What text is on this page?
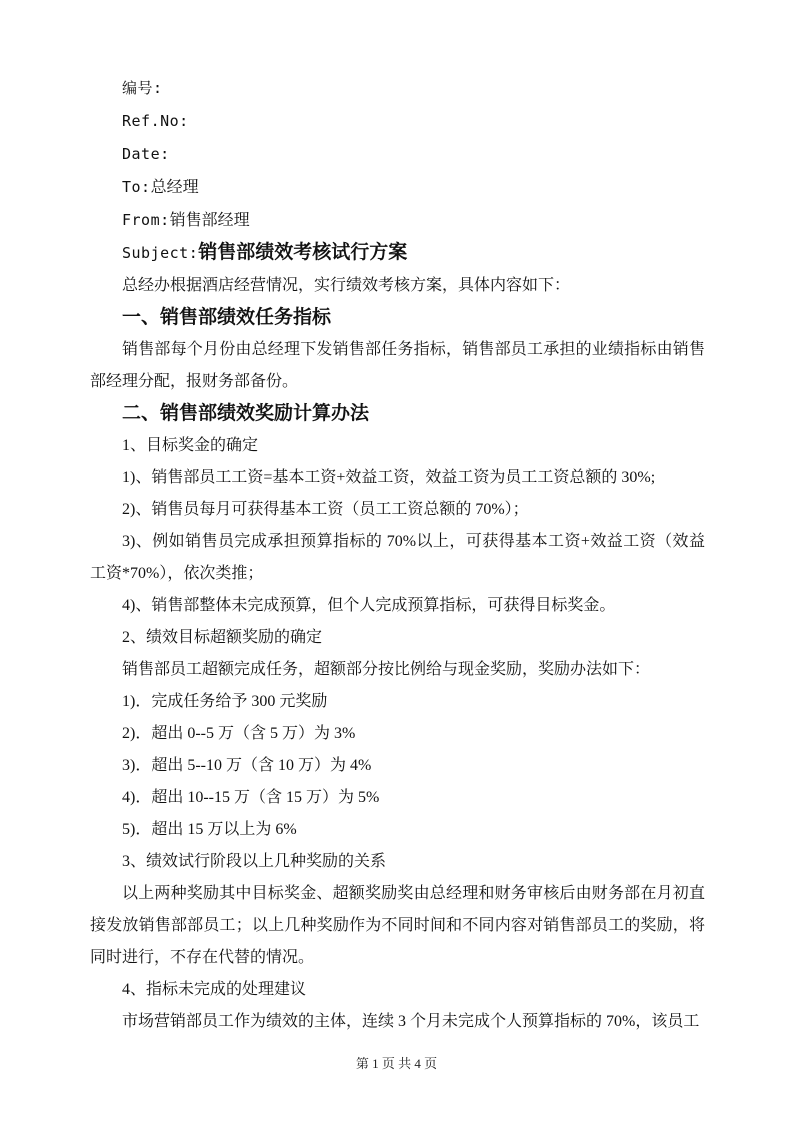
编号:

Ref.No:

Date:

To:总经理

From:销售部经理

Subject:销售部绩效考核试行方案

总经办根据酒店经营情况，实行绩效考核方案，具体内容如下：

一、销售部绩效任务指标

销售部每个月份由总经理下发销售部任务指标，销售部员工承担的业绩指标由销售部经理分配，报财务部备份。

二、销售部绩效奖励计算办法

1、目标奖金的确定

1)、销售部员工工资=基本工资+效益工资，效益工资为员工工资总额的 30%;

2)、销售员每月可获得基本工资（员工工资总额的 70%）；

3)、例如销售员完成承担预算指标的 70%以上，可获得基本工资+效益工资（效益工资*70%），依次类推；

4)、销售部整体未完成预算，但个人完成预算指标，可获得目标奖金。

2、绩效目标超额奖励的确定

销售部员工超额完成任务，超额部分按比例给与现金奖励，奖励办法如下：

1)．完成任务给予 300 元奖励

2)．超出 0--5 万（含 5 万）为 3%

3)．超出 5--10 万（含 10 万）为 4%

4)．超出 10--15 万（含 15 万）为 5%

5)．超出 15 万以上为 6%

3、绩效试行阶段以上几种奖励的关系

以上两种奖励其中目标奖金、超额奖励奖由总经理和财务审核后由财务部在月初直接发放销售部部员工；以上几种奖励作为不同时间和不同内容对销售部员工的奖励，将同时进行，不存在代替的情况。

4、指标未完成的处理建议

市场营销部员工作为绩效的主体，连续 3 个月未完成个人预算指标的 70%，该员工

第 1 页 共 4 页
